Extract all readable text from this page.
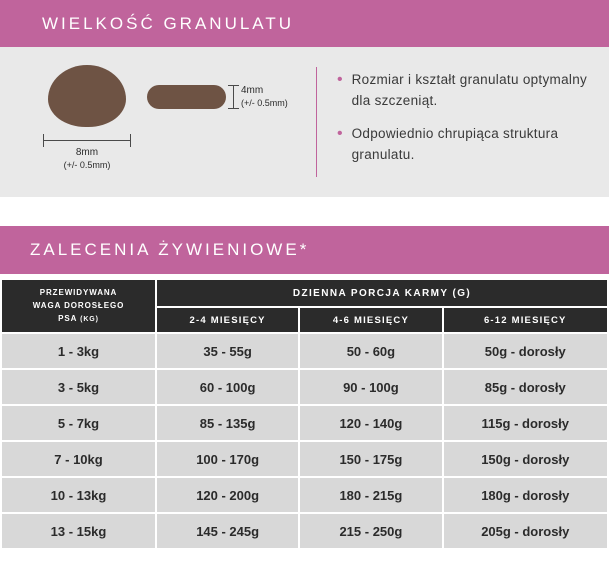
WIELKOŚĆ GRANULATU
8mm
(+/- 0.5mm)
4mm
(+/- 0.5mm)
• Rozmiar i kształt granulatu optymalny dla szczeniąt.
• Odpowiednio chrupiąca struktura granulatu.
ZALECENIA ŻYWIENIOWE*
PRZEWIDYWANA
WAGA DOROSŁEGO
PSA (KG)	DZIENNA PORCJA KARMY (G)		
	2-4 MIESIĘCY	4-6 MIESIĘCY	6-12 MIESIĘCY
1 - 3kg	35 - 55g	50 - 60g	50g - dorosły
3 - 5kg	60 - 100g	90 - 100g	85g - dorosły
5 - 7kg	85 - 135g	120 - 140g	115g - dorosły
7 - 10kg	100 - 170g	150 - 175g	150g - dorosły
10 - 13kg	120 - 200g	180 - 215g	180g - dorosły
13 - 15kg	145 - 245g	215 - 250g	205g - dorosły
